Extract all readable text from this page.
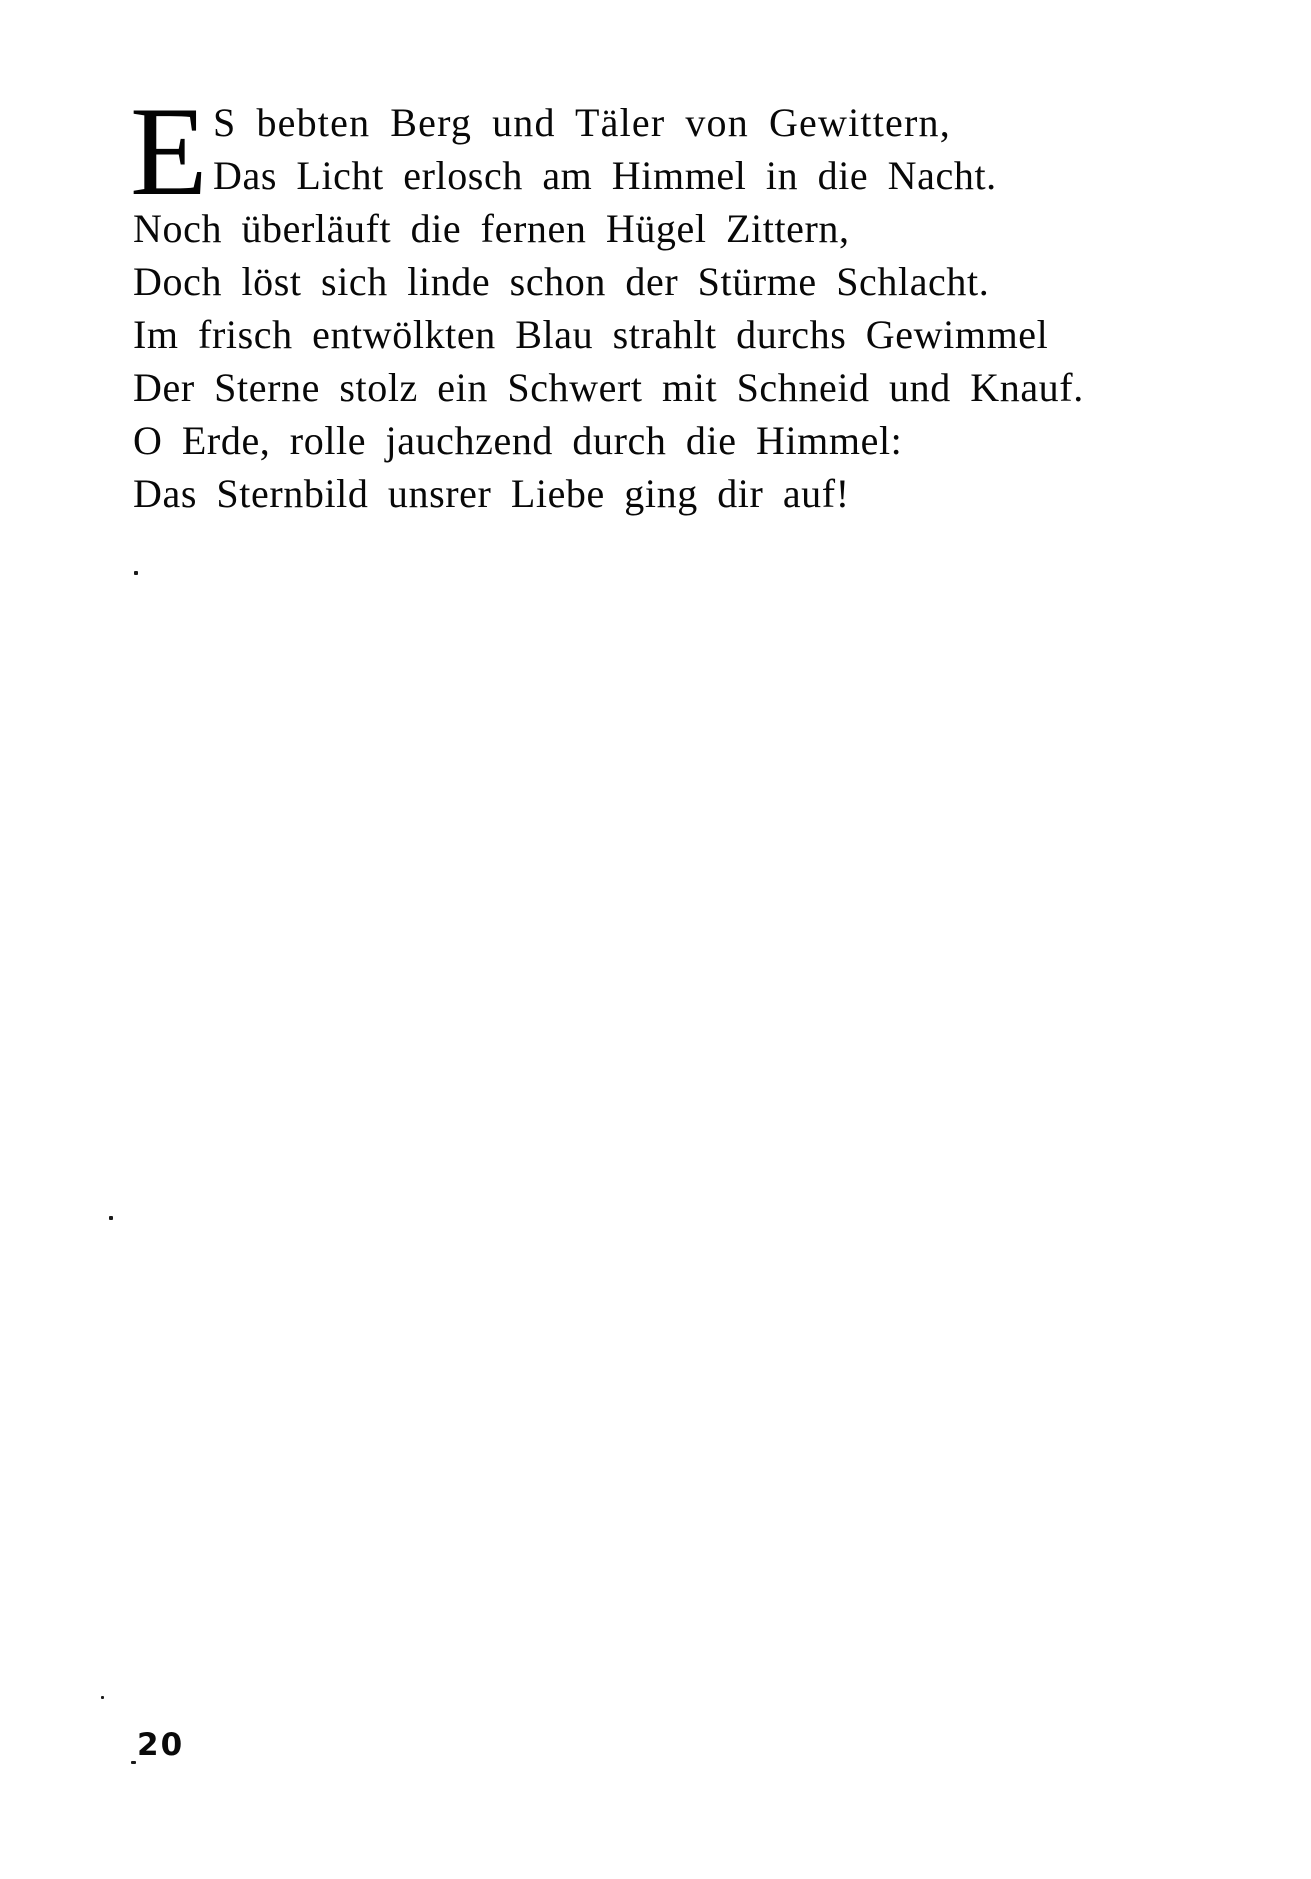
E S bebten Berg und Täler von Gewittern,
Das Licht erlosch am Himmel in die Nacht.
Noch überläuft die fernen Hügel Zittern,
Doch löst sich linde schon der Stürme Schlacht.
Im frisch entwölkten Blau strahlt durchs Gewimmel
Der Sterne stolz ein Schwert mit Schneid und Knauf.
O Erde, rolle jauchzend durch die Himmel:
Das Sternbild unsrer Liebe ging dir auf!
20
